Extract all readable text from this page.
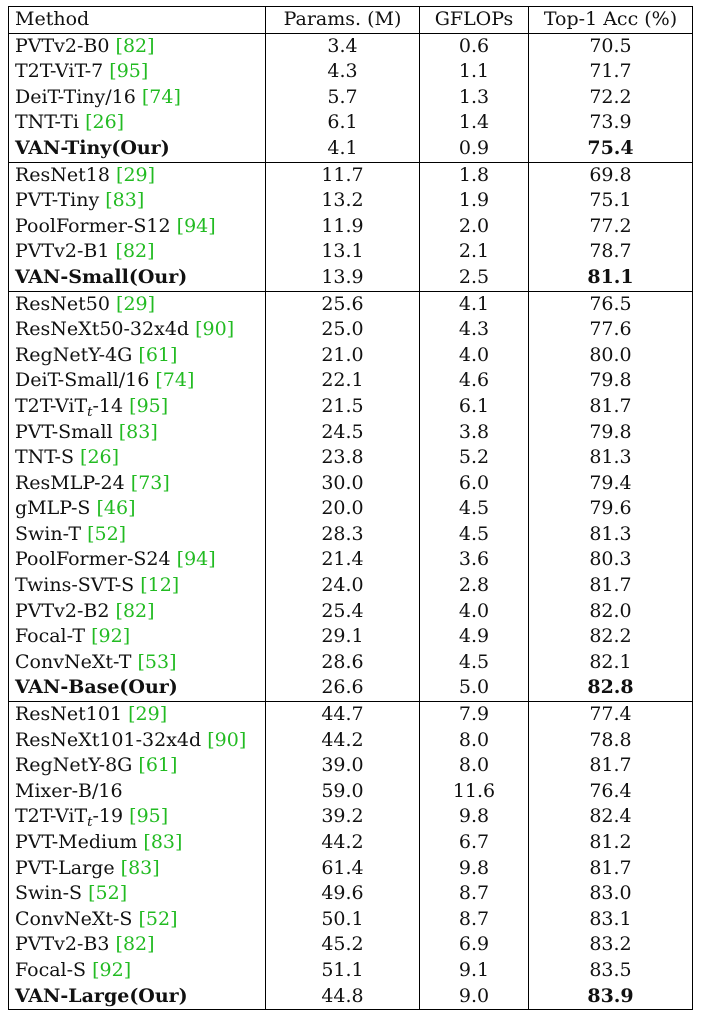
Method	Params. (M)	GFLOPs	Top-1 Acc (%)
PVTv2-B0 [ 82 ]	3.4	0.6	70.5
T2T-ViT-7 [ 95 ]	4.3	1.1	71.7
DeiT-Tiny/16 [ 74 ]	5.7	1.3	72.2
TNT-Ti [ 26 ]	6.1	1.4	73.9
VAN-Tiny(Our)	4.1	0.9	75.4
ResNet18 [ 29 ]	11.7	1.8	69.8
PVT-Tiny [ 83 ]	13.2	1.9	75.1
PoolFormer-S12 [ 94 ]	11.9	2.0	77.2
PVTv2-B1 [ 82 ]	13.1	2.1	78.7
VAN-Small(Our)	13.9	2.5	81.1
ResNet50 [ 29 ]	25.6	4.1	76.5
ResNeXt50-32x4d [ 90 ]	25.0	4.3	77.6
RegNetY-4G [ 61 ]	21.0	4.0	80.0
DeiT-Small/16 [ 74 ]	22.1	4.6	79.8
T2T-ViT$_t$-14 [ 95 ]	21.5	6.1	81.7
PVT-Small [ 83 ]	24.5	3.8	79.8
TNT-S [ 26 ]	23.8	5.2	81.3
ResMLP-24 [ 73 ]	30.0	6.0	79.4
gMLP-S [ 46 ]	20.0	4.5	79.6
Swin-T [ 52 ]	28.3	4.5	81.3
PoolFormer-S24 [ 94 ]	21.4	3.6	80.3
Twins-SVT-S [ 12 ]	24.0	2.8	81.7
PVTv2-B2 [ 82 ]	25.4	4.0	82.0
Focal-T [ 92 ]	29.1	4.9	82.2
ConvNeXt-T [ 53 ]	28.6	4.5	82.1
VAN-Base(Our)	26.6	5.0	82.8
ResNet101 [ 29 ]	44.7	7.9	77.4
ResNeXt101-32x4d [ 90 ]	44.2	8.0	78.8
RegNetY-8G [ 61 ]	39.0	8.0	81.7
Mixer-B/16	59.0	11.6	76.4
T2T-ViT$_t$-19 [ 95 ]	39.2	9.8	82.4
PVT-Medium [ 83 ]	44.2	6.7	81.2
PVT-Large [ 83 ]	61.4	9.8	81.7
Swin-S [ 52 ]	49.6	8.7	83.0
ConvNeXt-S [ 52 ]	50.1	8.7	83.1
PVTv2-B3 [ 82 ]	45.2	6.9	83.2
Focal-S [ 92 ]	51.1	9.1	83.5
VAN-Large(Our)	44.8	9.0	83.9
